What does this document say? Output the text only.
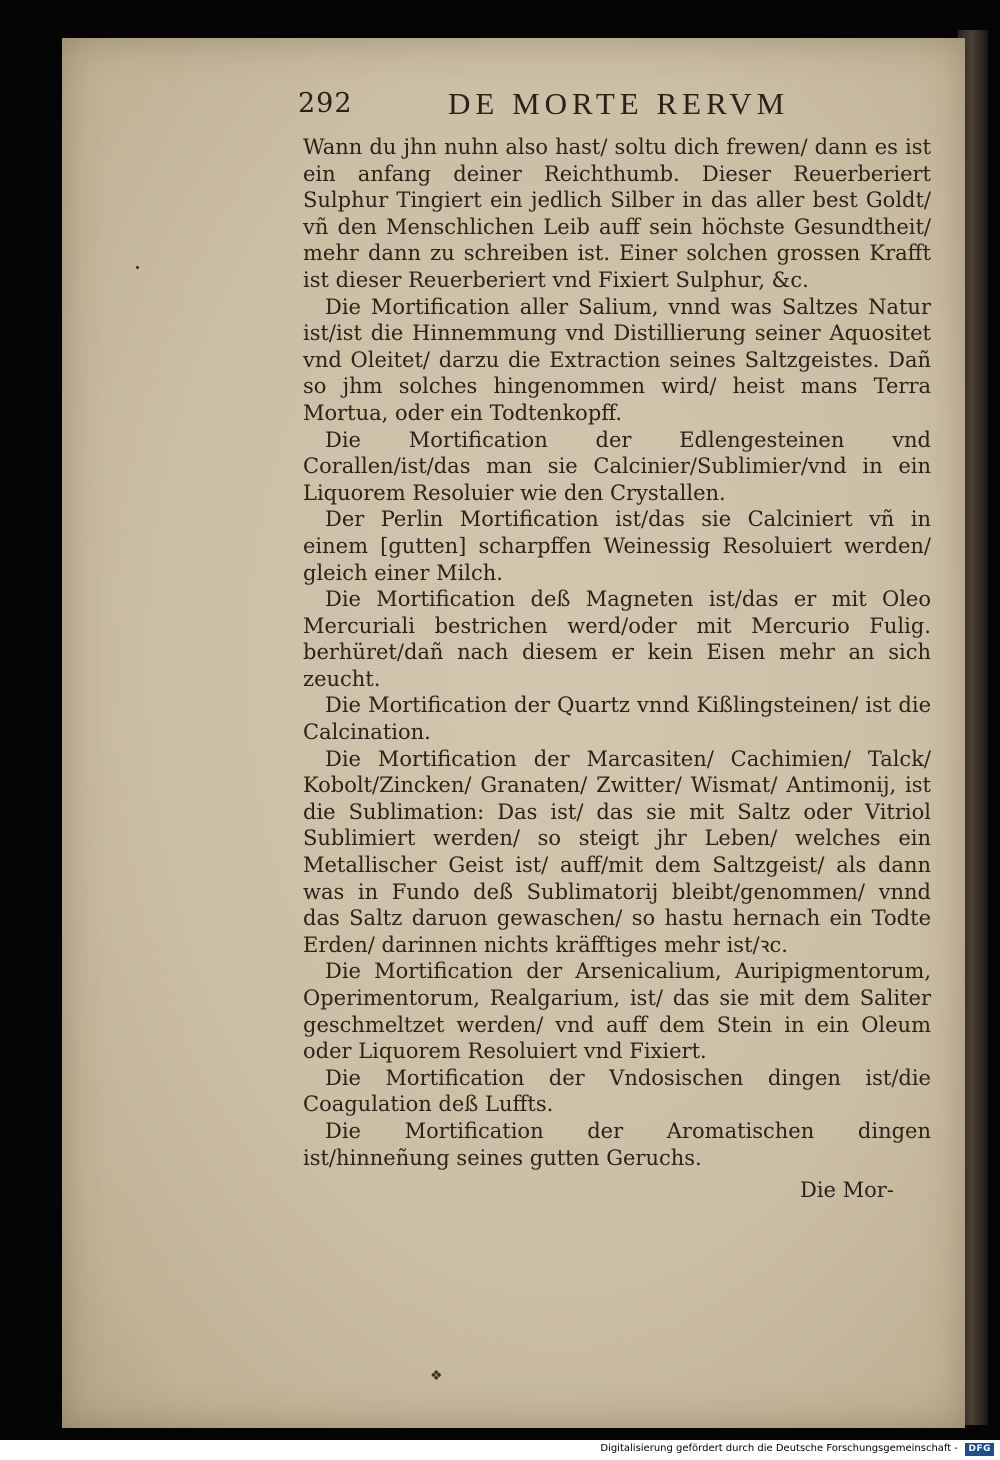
292	DE MORTE RERVM

Wann du jhn nuhn also hast/ soltu dich frewen/ dann es ist ein anfang deiner Reichthumb. Dieser Reuerberiert Sulphur Tingiert ein jedlich Silber in das aller best Goldt/ vñ den Menschlichen Leib auff sein höchste Gesundtheit/ mehr dann zu schreiben ist. Einer solchen grossen Krafft ist dieser Reuerberiert vnd Fixiert Sulphur, &c.

Die Mortification aller Salium, vnnd was Saltzes Natur ist/ist die Hinnemmung vnd Distillierung seiner Aquositet vnd Oleitet/ darzu die Extraction seines Saltzgeistes. Dañ so jhm solches hingenommen wird/ heist mans Terra Mortua, oder ein Todtenkopff.

Die Mortification der Edlengesteinen vnd Corallen/ist/das man sie Calcinier/Sublimier/vnd in ein Liquorem Resoluier wie den Crystallen.

Der Perlin Mortification ist/das sie Calciniert vñ in einem [gutten] scharpffen Weinessig Resoluiert werden/ gleich einer Milch.

Die Mortification deß Magneten ist/das er mit Oleo Mercuriali bestrichen werd/oder mit Mercurio Fulig. berhüret/dañ nach diesem er kein Eisen mehr an sich zeucht.

Die Mortification der Quartz vnnd Kißlingsteinen/ ist die Calcination.

Die Mortification der Marcasiten/ Cachimien/ Talck/ Kobolt/Zincken/ Granaten/ Zwitter/ Wismat/ Antimonij, ist die Sublimation: Das ist/ das sie mit Saltz oder Vitriol Sublimiert werden/ so steigt jhr Leben/ welches ein Metallischer Geist ist/ auff/mit dem Saltzgeist/ als dann was in Fundo deß Sublimatorij bleibt/genommen/ vnnd das Saltz daruon gewaschen/ so hastu hernach ein Todte Erden/ darinnen nichts kräfftiges mehr ist/ꝛc.

Die Mortification der Arsenicalium, Auripigmentorum, Operimentorum, Realgarium, ist/ das sie mit dem Saliter geschmeltzet werden/ vnd auff dem Stein in ein Oleum oder Liquorem Resoluiert vnd Fixiert.

Die Mortification der Vndosischen dingen ist/die Coagulation deß Luffts.

Die Mortification der Aromatischen dingen ist/hinneñung seines gutten Geruchs.

Die Mor-
❖
Digitalisierung gefördert durch die Deutsche Forschungsgemeinschaft -	DFG
